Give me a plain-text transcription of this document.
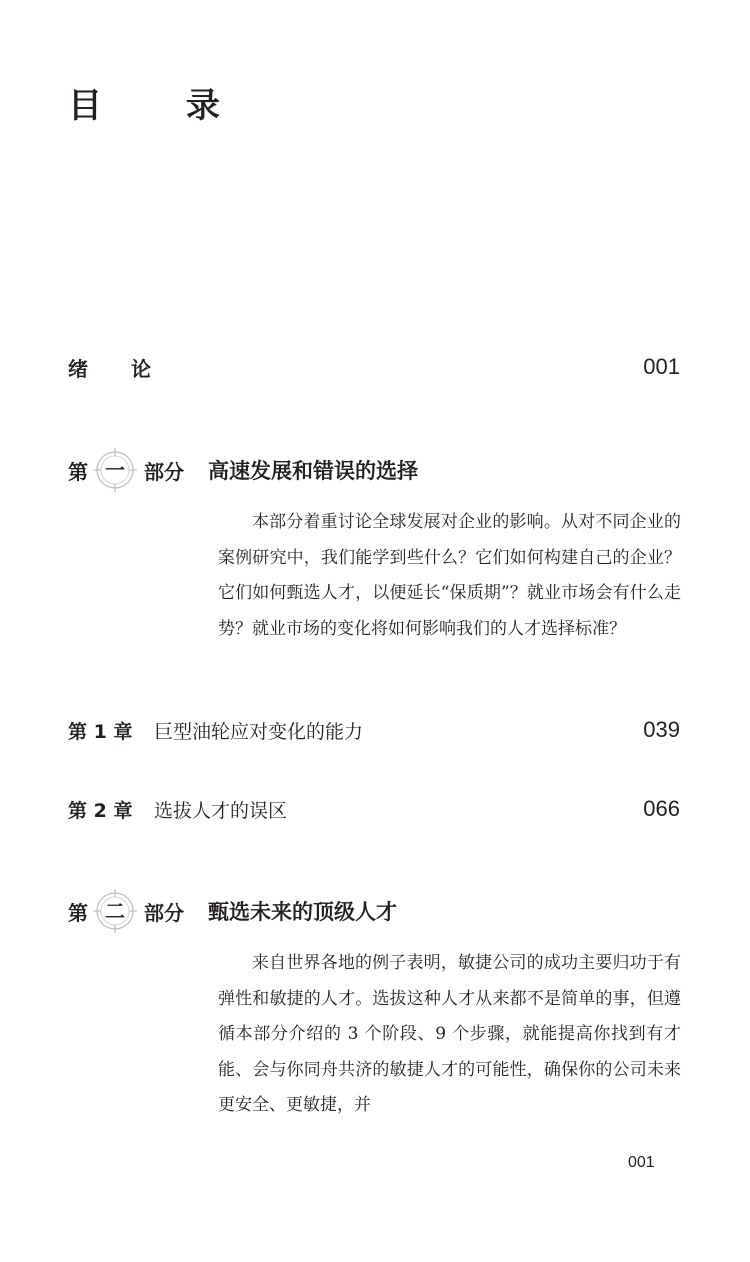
目 录
绪 论	001
第 一 部分 高速发展和错误的选择

本部分着重讨论全球发展对企业的影响。从对不同企业的案例研究中，我们能学到些什么？它们如何构建自己的企业？它们如何甄选人才，以便延长“保质期”？就业市场会有什么走势？就业市场的变化将如何影响我们的人才选择标准？

第 1 章	巨型油轮应对变化的能力	039
第 2 章	选拔人才的误区	066
第 二 部分 甄选未来的顶级人才

来自世界各地的例子表明，敏捷公司的成功主要归功于有弹性和敏捷的人才。选拔这种人才从来都不是简单的事，但遵循本部分介绍的 3 个阶段、9 个步骤，就能提高你找到有才能、会与你同舟共济的敏捷人才的可能性，确保你的公司未来更安全、更敏捷，并

001
